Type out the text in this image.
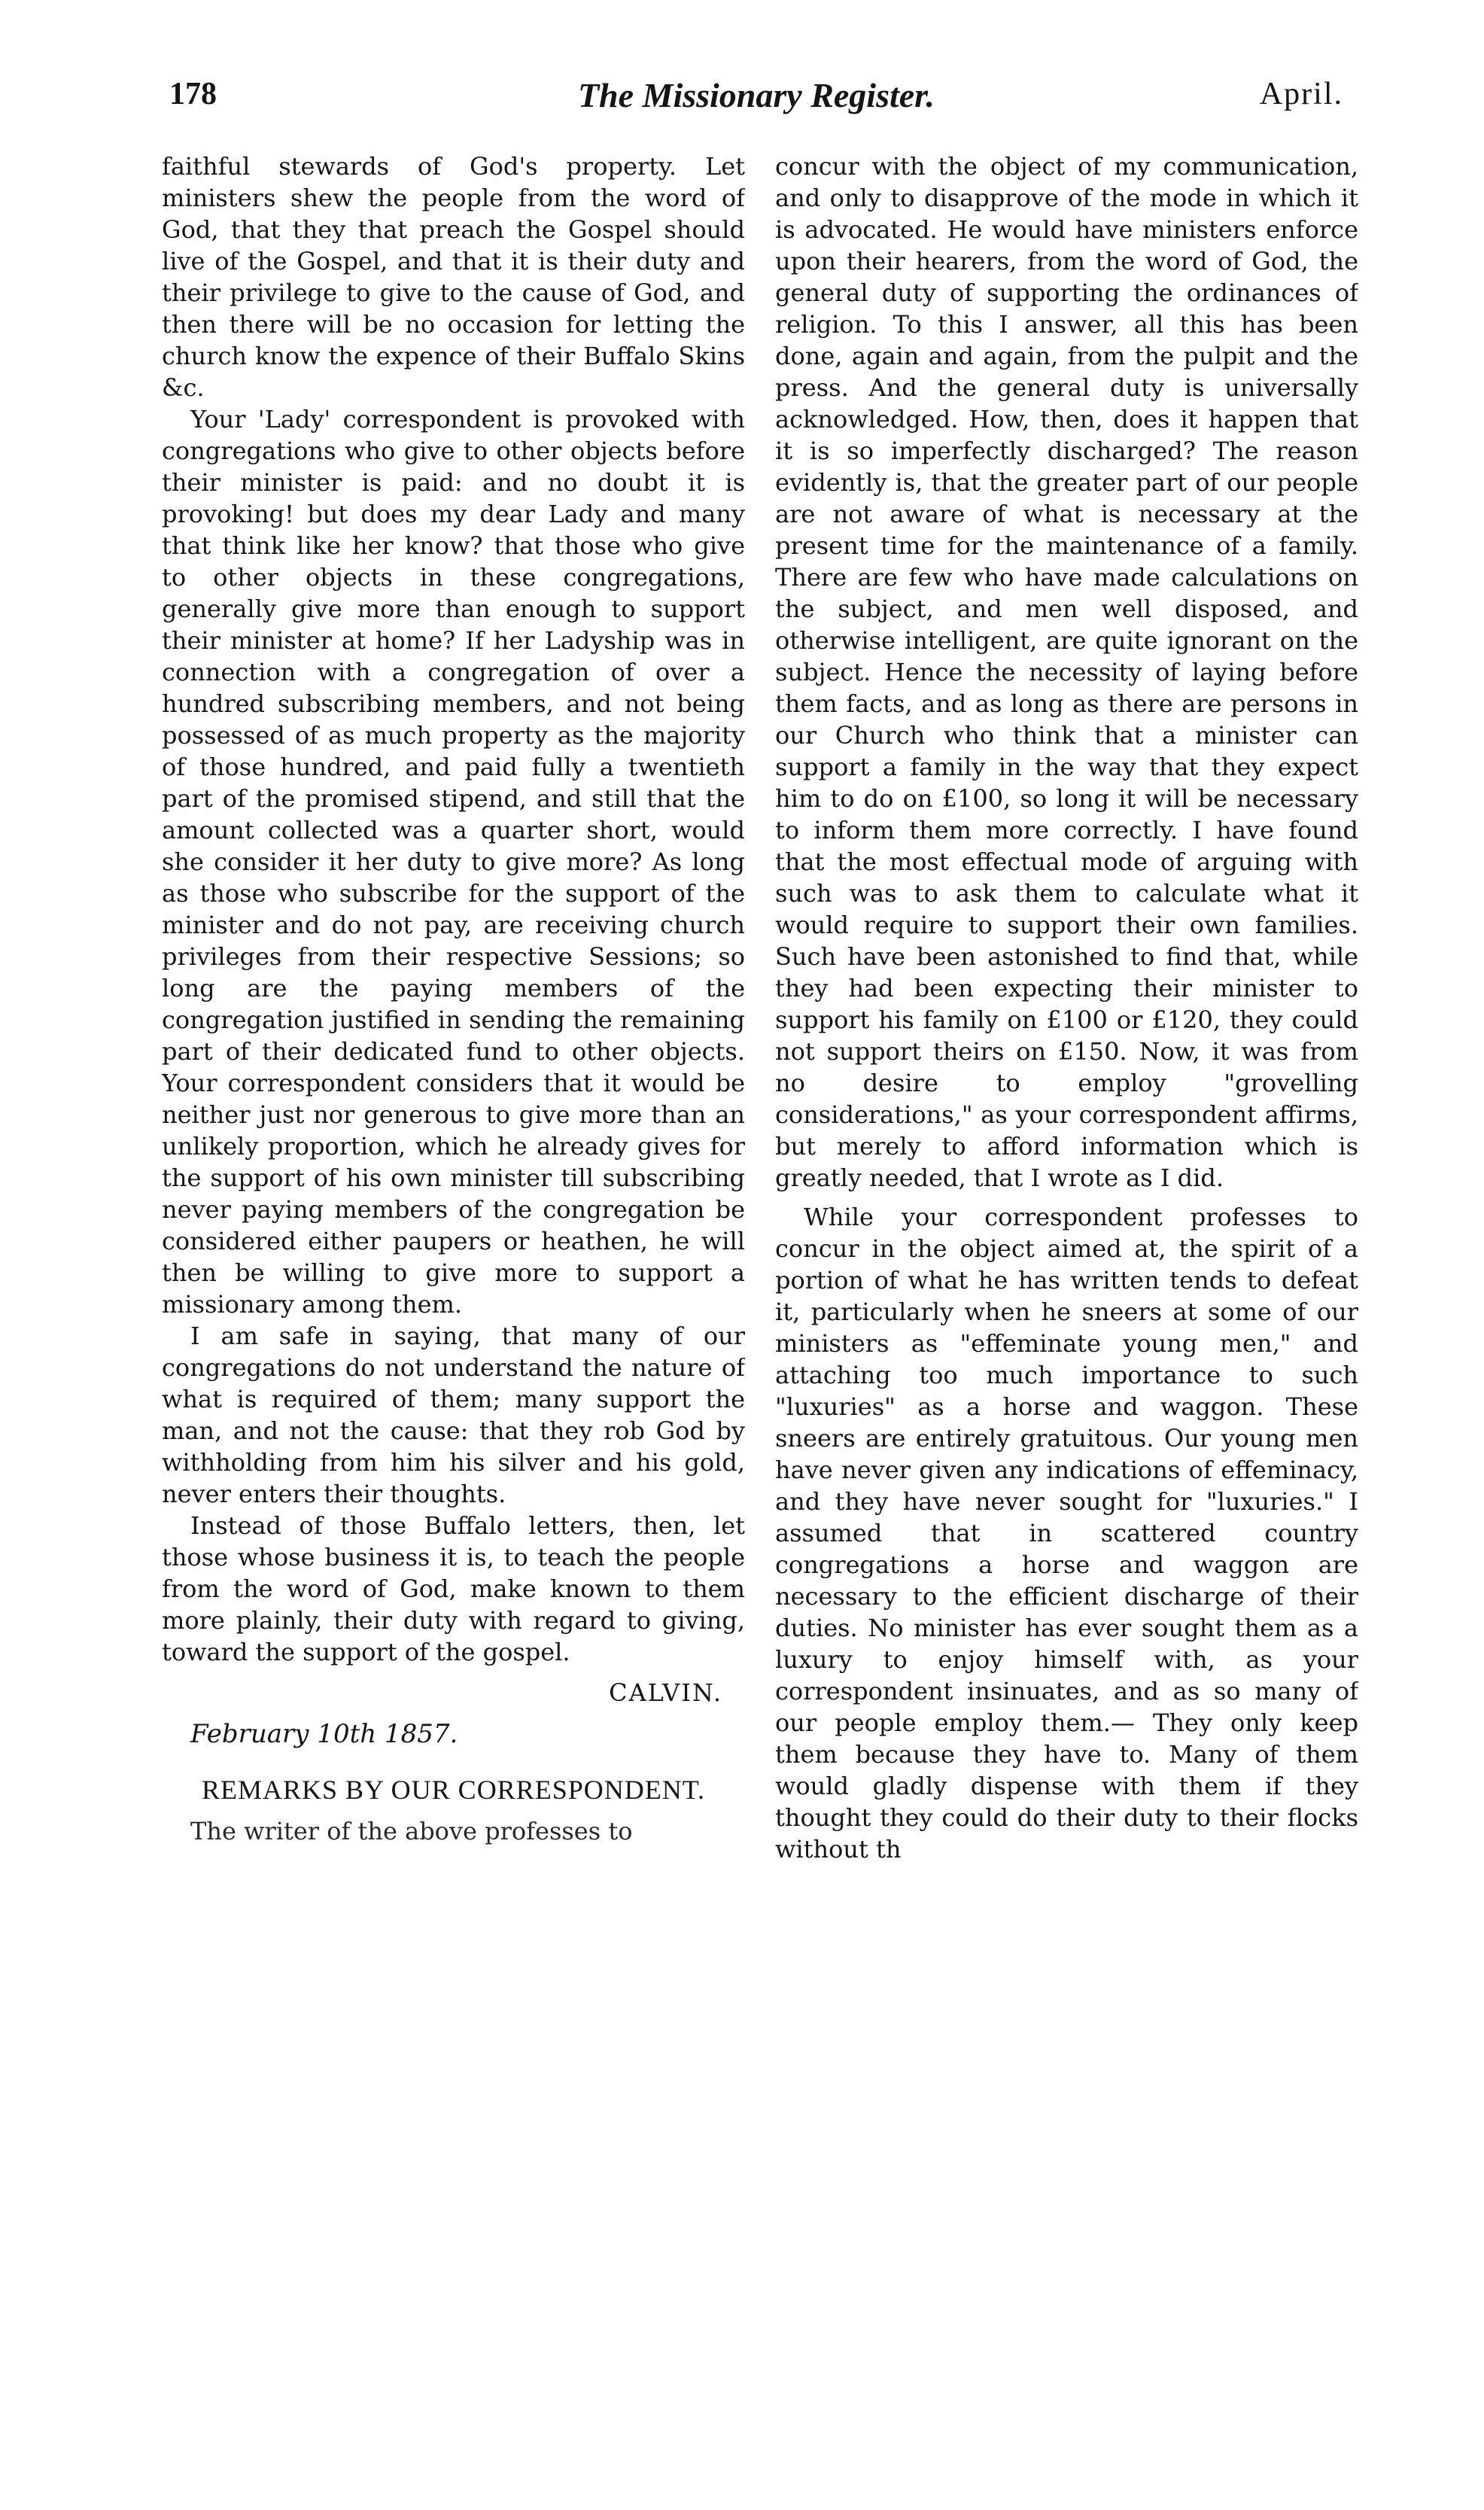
178	The Missionary Register.	April.

faithful stewards of God's property. Let ministers shew the people from the word of God, that they that preach the Gospel should live of the Gospel, and that it is their duty and their privilege to give to the cause of God, and then there will be no occasion for letting the church know the expence of their Buffalo Skins &c.

Your 'Lady' correspondent is provoked with congregations who give to other objects before their minister is paid: and no doubt it is provoking! but does my dear Lady and many that think like her know? that those who give to other objects in these congregations, generally give more than enough to support their minister at home? If her Ladyship was in connection with a congregation of over a hundred subscribing members, and not being possessed of as much property as the majority of those hundred, and paid fully a twentieth part of the promised stipend, and still that the amount collected was a quarter short, would she consider it her duty to give more? As long as those who subscribe for the support of the minister and do not pay, are receiving church privileges from their respective Sessions; so long are the paying members of the congregation justified in sending the remaining part of their dedicated fund to other objects. Your correspondent considers that it would be neither just nor generous to give more than an unlikely proportion, which he already gives for the support of his own minister till subscribing never paying members of the congregation be considered either paupers or heathen, he will then be willing to give more to support a missionary among them.

I am safe in saying, that many of our congregations do not understand the nature of what is required of them; many support the man, and not the cause: that they rob God by withholding from him his silver and his gold, never enters their thoughts.

Instead of those Buffalo letters, then, let those whose business it is, to teach the people from the word of God, make known to them more plainly, their duty with regard to giving, toward the support of the gospel.

CALVIN.
February 10th 1857.
REMARKS BY OUR CORRESPONDENT.

The writer of the above professes to

concur with the object of my communication, and only to disapprove of the mode in which it is advocated. He would have ministers enforce upon their hearers, from the word of God, the general duty of supporting the ordinances of religion. To this I answer, all this has been done, again and again, from the pulpit and the press. And the general duty is universally acknowledged. How, then, does it happen that it is so imperfectly discharged? The reason evidently is, that the greater part of our people are not aware of what is necessary at the present time for the maintenance of a family. There are few who have made calculations on the subject, and men well disposed, and otherwise intelligent, are quite ignorant on the subject. Hence the necessity of laying before them facts, and as long as there are persons in our Church who think that a minister can support a family in the way that they expect him to do on £100, so long it will be necessary to inform them more correctly. I have found that the most effectual mode of arguing with such was to ask them to calculate what it would require to support their own families. Such have been astonished to find that, while they had been expecting their minister to support his family on £100 or £120, they could not support theirs on £150. Now, it was from no desire to employ "grovelling considerations," as your correspondent affirms, but merely to afford information which is greatly needed, that I wrote as I did.

While your correspondent professes to concur in the object aimed at, the spirit of a portion of what he has written tends to defeat it, particularly when he sneers at some of our ministers as "effeminate young men," and attaching too much importance to such "luxuries" as a horse and waggon. These sneers are entirely gratuitous. Our young men have never given any indications of effeminacy, and they have never sought for "luxuries." I assumed that in scattered country congregations a horse and waggon are necessary to the efficient discharge of their duties. No minister has ever sought them as a luxury to enjoy himself with, as your correspondent insinuates, and as so many of our people employ them.— They only keep them because they have to. Many of them would gladly dispense with them if they thought they could do their duty to their flocks without th
